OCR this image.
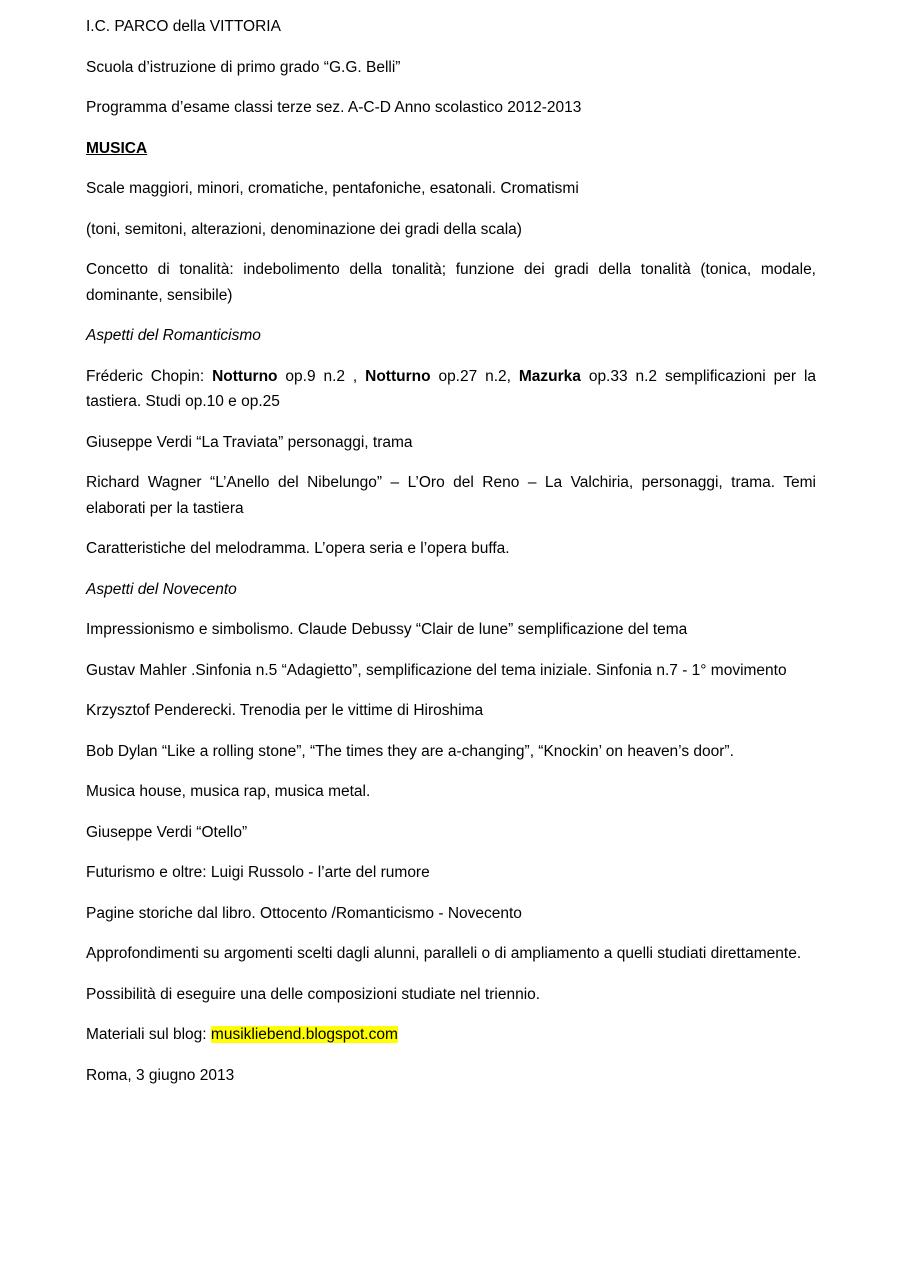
I.C. PARCO della VITTORIA

Scuola d’istruzione di primo grado “G.G. Belli”

Programma d’esame classi terze sez. A-C-D Anno scolastico 2012-2013

MUSICA

Scale maggiori, minori, cromatiche, pentafoniche, esatonali. Cromatismi

(toni, semitoni, alterazioni, denominazione dei gradi della scala)

Concetto di tonalità: indebolimento della tonalità; funzione dei gradi della tonalità (tonica, modale, dominante, sensibile)

Aspetti del Romanticismo

Fréderic Chopin: Notturno op.9 n.2 , Notturno op.27 n.2, Mazurka op.33 n.2 semplificazioni per la tastiera. Studi op.10 e op.25

Giuseppe Verdi “La Traviata” personaggi, trama

Richard Wagner “L’Anello del Nibelungo” – L’Oro del Reno – La Valchiria, personaggi, trama. Temi elaborati per la tastiera

Caratteristiche del melodramma. L’opera seria e l’opera buffa.

Aspetti del Novecento

Impressionismo e simbolismo. Claude Debussy “Clair de lune” semplificazione del tema

Gustav Mahler .Sinfonia n.5 “Adagietto”, semplificazione del tema iniziale. Sinfonia n.7 - 1° movimento

Krzysztof Penderecki. Trenodia per le vittime di Hiroshima

Bob Dylan “Like a rolling stone”, “The times they are a-changing”, “Knockin’ on heaven’s door”.

Musica house, musica rap, musica metal.

Giuseppe Verdi “Otello”

Futurismo e oltre: Luigi Russolo - l’arte del rumore

Pagine storiche dal libro. Ottocento /Romanticismo - Novecento

Approfondimenti su argomenti scelti dagli alunni, paralleli o di ampliamento a quelli studiati direttamente.

Possibilità di eseguire una delle composizioni studiate nel triennio.

Materiali sul blog: musikliebend.blogspot.com

Roma, 3 giugno 2013
